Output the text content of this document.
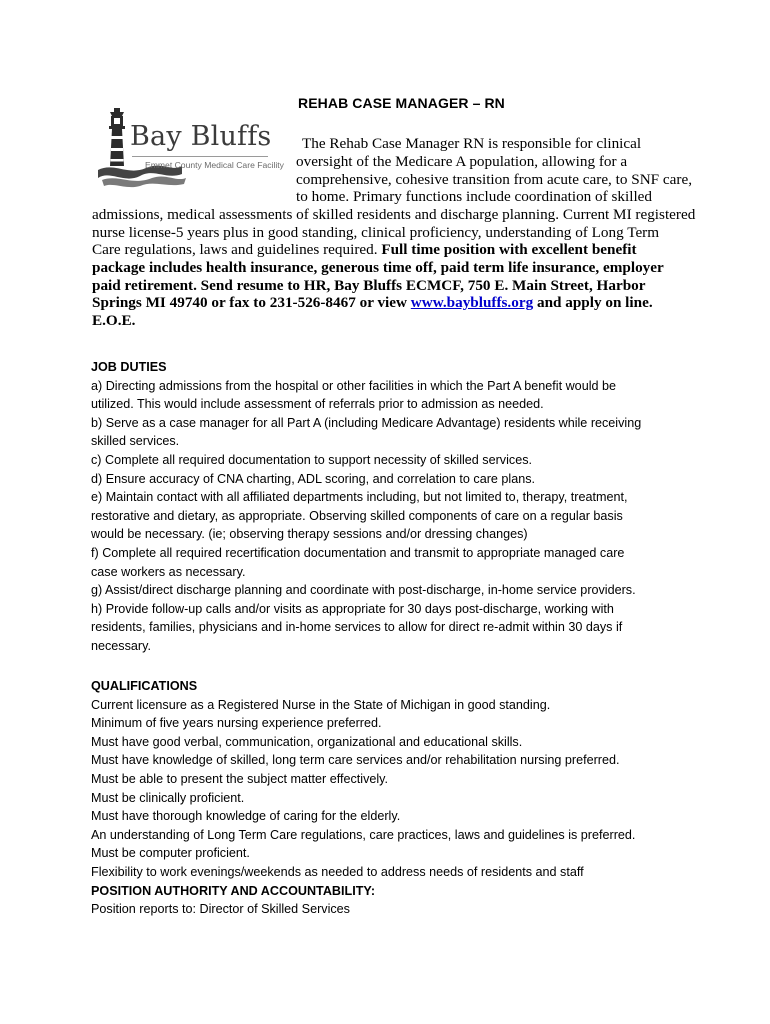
Bay Bluffs
Emmet County Medical Care Facility
REHAB CASE MANAGER – RN
The Rehab Case Manager RN is responsible for clinical
oversight of the Medicare A population, allowing for a
comprehensive, cohesive transition from acute care, to SNF care,
to home. Primary functions include coordination of skilled
admissions, medical assessments of skilled residents and discharge planning. Current MI registered
nurse license-5 years plus in good standing, clinical proficiency, understanding of Long Term
Care regulations, laws and guidelines required. Full time position with excellent benefit
package includes health insurance, generous time off, paid term life insurance, employer
paid retirement. Send resume to HR, Bay Bluffs ECMCF, 750 E. Main Street, Harbor
Springs MI 49740 or fax to 231-526-8467 or view www.baybluffs.org and apply on line.
E.O.E.
JOB DUTIES
a) Directing admissions from the hospital or other facilities in which the Part A benefit would be
utilized. This would include assessment of referrals prior to admission as needed.
b) Serve as a case manager for all Part A (including Medicare Advantage) residents while receiving
skilled services.
c) Complete all required documentation to support necessity of skilled services.
d) Ensure accuracy of CNA charting, ADL scoring, and correlation to care plans.
e) Maintain contact with all affiliated departments including, but not limited to, therapy, treatment,
restorative and dietary, as appropriate. Observing skilled components of care on a regular basis
would be necessary. (ie; observing therapy sessions and/or dressing changes)
f) Complete all required recertification documentation and transmit to appropriate managed care
case workers as necessary.
g) Assist/direct discharge planning and coordinate with post-discharge, in-home service providers.
h) Provide follow-up calls and/or visits as appropriate for 30 days post-discharge, working with
residents, families, physicians and in-home services to allow for direct re-admit within 30 days if
necessary.
QUALIFICATIONS
Current licensure as a Registered Nurse in the State of Michigan in good standing.
Minimum of five years nursing experience preferred.
Must have good verbal, communication, organizational and educational skills.
Must have knowledge of skilled, long term care services and/or rehabilitation nursing preferred.
Must be able to present the subject matter effectively.
Must be clinically proficient.
Must have thorough knowledge of caring for the elderly.
An understanding of Long Term Care regulations, care practices, laws and guidelines is preferred.
Must be computer proficient.
Flexibility to work evenings/weekends as needed to address needs of residents and staff
POSITION AUTHORITY AND ACCOUNTABILITY:
Position reports to: Director of Skilled Services
